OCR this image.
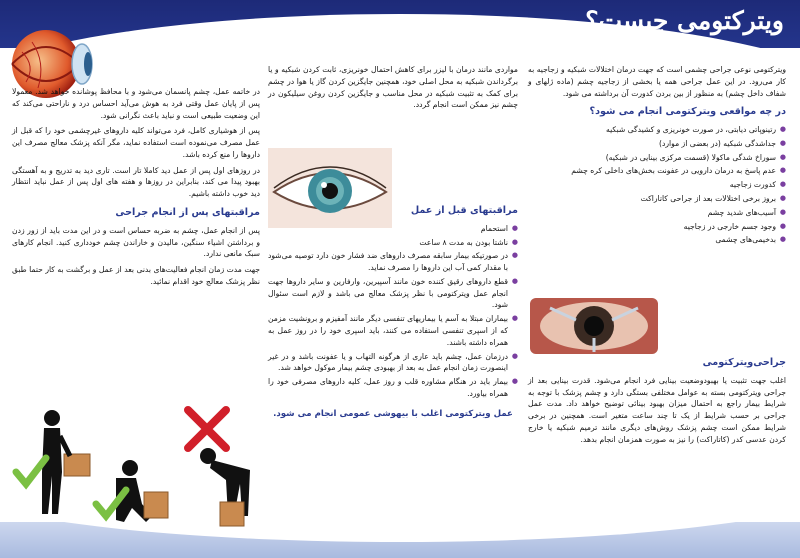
ویترکتومی چیست؟

ویترکتومی نوعی جراحی چشمی است که جهت درمان اختلالات شبکیه و زجاجیه به کار می‌رود. در این عمل جراحی همه یا بخشی از زجاجیه چشم (ماده ژلهای و شفاف داخل چشم) به منظور از بین بردن کدورت آن برداشته می شود.

در چه مواقعی ویترکتومی انجام می شود؟
● رتینوپاتی دیابتی، در صورت خونریزی و کشیدگی شبکیه
● جداشدگی شبکیه (در بعضی از موارد)
● سوراخ شدگی ماکولا (قسمت مرکزی بینایی در شبکیه)
● عدم پاسخ به درمان دارویی در عفونت بخش‌های داخلی کره چشم
● کدورت زجاجیه
● بروز برخی اختلالات بعد از جراحی کاتاراکت
● آسیب‌های شدید چشم
● وجود جسم خارجی در زجاجیه
● بدخیمی‌های چشمی
جراحی‌ویترکتومی

اغلب جهت تثبیت یا بهبودوضعیت بینایی فرد انجام می‌شود. قدرت بینایی بعد از جراحی ویترکتومی بسته به عوامل مختلفی بستگی دارد و چشم پزشک با توجه به شرایط بیمار راجع به احتمال میزان بهبود بینائی توضیح خواهد داد. مدت عمل جراحی بر حسب شرایط از یک تا چند ساعت متغیر است. همچنین در برخی شرایط ممکن است چشم پزشک روش‌های دیگری مانند ترمیم شبکیه یا خارج کردن عدسی کدر (کاتاراکت) را نیز به صورت همزمان انجام بدهد.

مواردی مانند درمان با لیزر برای کاهش احتمال خونریزی، ثابت کردن شبکیه و یا برگرداندن شبکیه به محل اصلی خود، همچنین جایگزین کردن گاز یا هوا در چشم برای کمک به تثبیت شبکیه در محل مناسب و جایگزین کردن روغن سیلیکون در چشم نیز ممکن است انجام گردد.

مراقبتهای قبل از عمل
● استحمام
● ناشتا بودن به مدت ۸ ساعت
● در صورتیکه بیمار سابقه مصرف داروهای ضد فشار خون دارد توصیه می‌شود با مقدار کمی آب این داروها را مصرف نماید.
● قطع داروهای رقیق کننده خون مانند آسپیرین، وارفارین و سایر داروها جهت انجام عمل ویترکتومی با نظر پزشک معالج می باشد و لازم است سئوال شود.
● بیماران مبتلا به آسم یا بیماریهای تنفسی دیگر مانند آمفیزم و برونشیت مزمن که از اسپری تنفسی استفاده می کنند، باید اسپری خود را در روز عمل به همراه داشته باشند.
● درزمان عمل، چشم باید عاری از هرگونه التهاب و یا عفونت باشد و در غیر اینصورت زمان انجام عمل به بعد از بهبودی چشم بیمار موکول خواهد شد.
● بیمار باید در هنگام مشاوره قلب و روز عمل، کلیه داروهای مصرفی خود را همراه بیاورد.
عمل ویترکتومی اغلب با بیهوشی عمومی انجام می شود.

در خاتمه عمل، چشم پانسمان می‌شود و با محافظ پوشانده خواهد شد. معمولا پس از پایان عمل وقتی فرد به هوش می‌آید احساس درد و ناراحتی می‌کند که این وضعیت طبیعی است و نباید باعث نگرانی شود.

پس از هوشیاری کامل، فرد می‌تواند کلیه داروهای غیرچشمی خود را که قبل از عمل مصرف می‌نموده است استفاده نماید، مگر آنکه پزشک معالج مصرف این داروها را منع کرده باشد.

در روزهای اول پس از عمل دید کاملا تار است. تاری دید به تدریج و به آهستگی بهبود پیدا می کند، بنابراین در روزها و هفته های اول پس از عمل نباید انتظار دید خوب داشته باشیم.

مراقبتهای پس از انجام جراحی

پس از انجام عمل، چشم به ضربه حساس است و در این مدت باید از زور زدن و برداشتن اشیاء سنگین، مالیدن و خاراندن چشم خودداری کنید. انجام کارهای سبک مانعی ندارد.

جهت مدت زمان انجام فعالیت‌های بدنی بعد از عمل و برگشت به کار حتما طبق نظر پزشک معالج خود اقدام نمائید.
